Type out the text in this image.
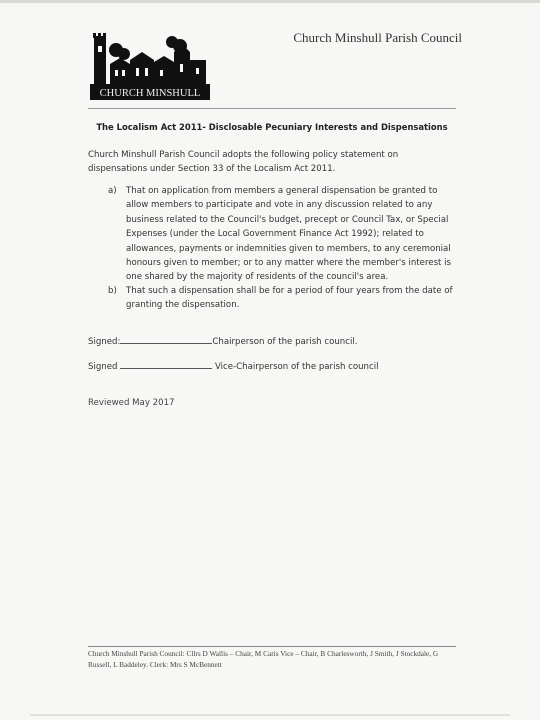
CHURCH MINSHULL
Church Minshull Parish Council
The Localism Act 2011- Disclosable Pecuniary Interests and Dispensations
Church Minshull Parish Council adopts the following policy statement on dispensations under Section 33 of the Localism Act 2011.
a) That on application from members a general dispensation be granted to allow members to participate and vote in any discussion related to any business related to the Council's budget, precept or Council Tax, or Special Expenses (under the Local Government Finance Act 1992); related to allowances, payments or indemnities given to members, to any ceremonial honours given to member; or to any matter where the member's interest is one shared by the majority of residents of the council's area.
b) That such a dispensation shall be for a period of four years from the date of granting the dispensation.
Signed:	Chairperson of the parish council.
Signed	Vice-Chairperson of the parish council
Reviewed May 2017
Church Minshull Parish Council: Cllrs D Wallis – Chair, M Caris Vice – Chair, B Charlesworth, J Smith, J Stockdale, G Russell, L Baddeley. Clerk: Mrs S McBennett
